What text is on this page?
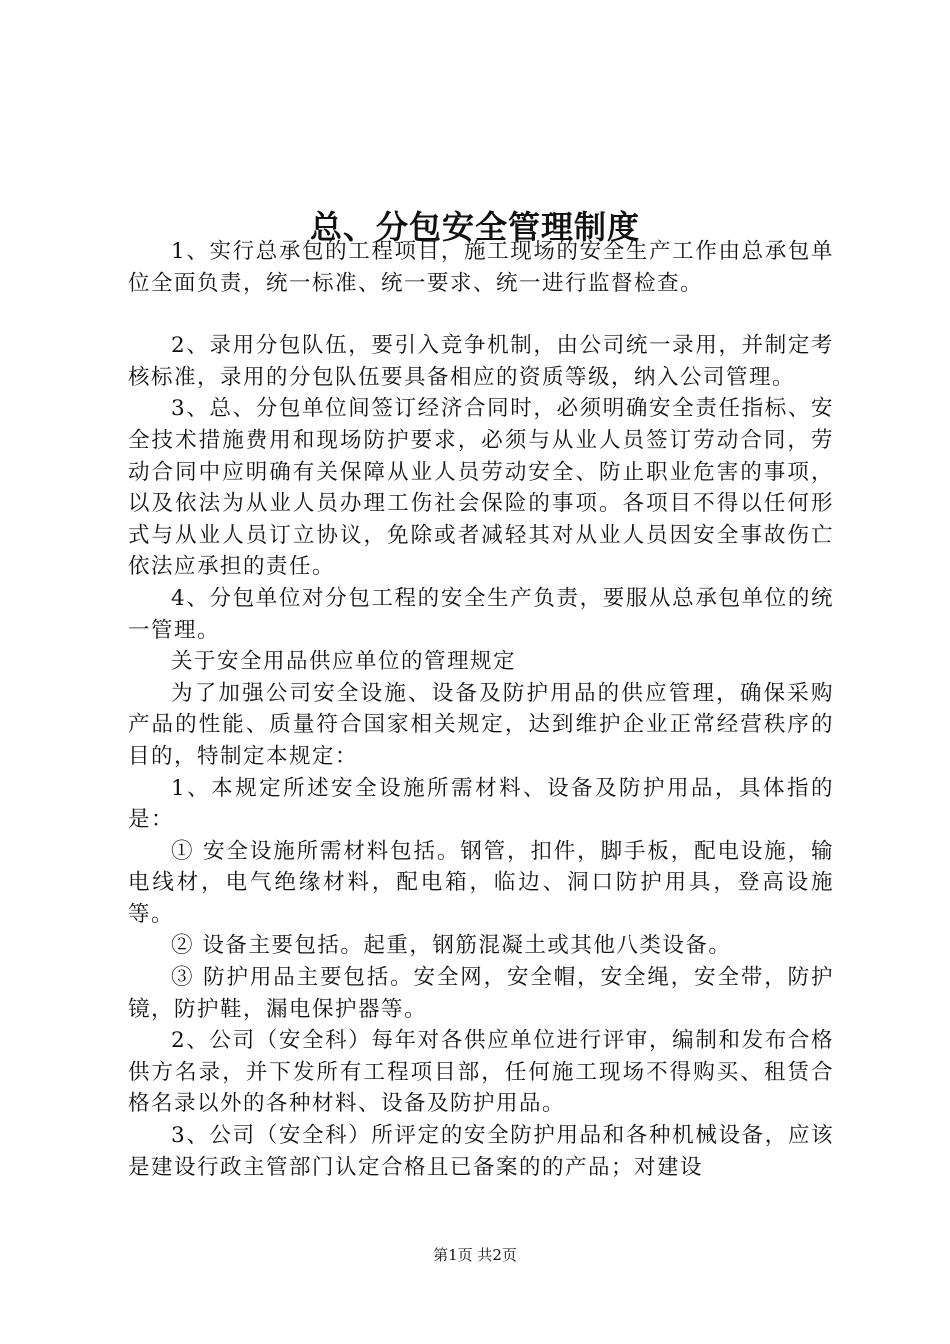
总、分包安全管理制度

1、实行总承包的工程项目，施工现场的安全生产工作由总承包单位全面负责，统一标准、统一要求、统一进行监督检查。

2、录用分包队伍，要引入竞争机制，由公司统一录用，并制定考核标准，录用的分包队伍要具备相应的资质等级，纳入公司管理。

3、总、分包单位间签订经济合同时，必须明确安全责任指标、安全技术措施费用和现场防护要求，必须与从业人员签订劳动合同，劳动合同中应明确有关保障从业人员劳动安全、防止职业危害的事项，以及依法为从业人员办理工伤社会保险的事项。各项目不得以任何形式与从业人员订立协议，免除或者减轻其对从业人员因安全事故伤亡依法应承担的责任。

4、分包单位对分包工程的安全生产负责，要服从总承包单位的统一管理。

关于安全用品供应单位的管理规定

为了加强公司安全设施、设备及防护用品的供应管理，确保采购产品的性能、质量符合国家相关规定，达到维护企业正常经营秩序的目的，特制定本规定：

1、本规定所述安全设施所需材料、设备及防护用品，具体指的是：

① 安全设施所需材料包括。钢管，扣件，脚手板，配电设施，输电线材，电气绝缘材料，配电箱，临边、洞口防护用具，登高设施等。

② 设备主要包括。起重，钢筋混凝土或其他八类设备。

③ 防护用品主要包括。安全网，安全帽，安全绳，安全带，防护镜，防护鞋，漏电保护器等。

2、公司（安全科）每年对各供应单位进行评审，编制和发布合格供方名录，并下发所有工程项目部，任何施工现场不得购买、租赁合格名录以外的各种材料、设备及防护用品。

3、公司（安全科）所评定的安全防护用品和各种机械设备，应该是建设行政主管部门认定合格且已备案的的产品；对建设

第1页 共2页
